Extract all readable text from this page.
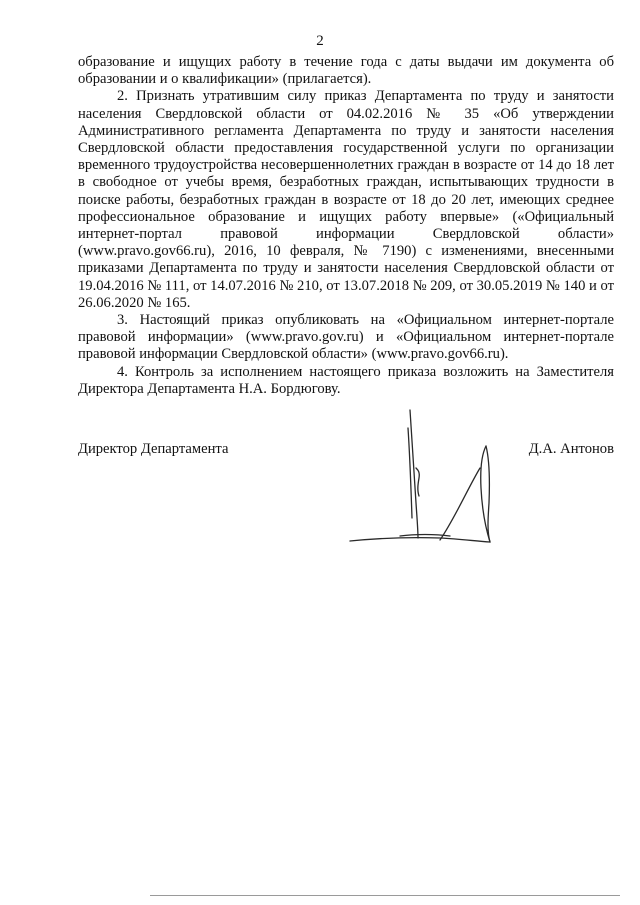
2

образование и ищущих работу в течение года с даты выдачи им документа об образовании и о квалификации» (прилагается).

2. Признать утратившим силу приказ Департамента по труду и занятости населения Свердловской области от 04.02.2016 № 35 «Об утверждении Административного регламента Департамента по труду и занятости населения Свердловской области предоставления государственной услуги по организации временного трудоустройства несовершеннолетних граждан в возрасте от 14 до 18 лет в свободное от учебы время, безработных граждан, испытывающих трудности в поиске работы, безработных граждан в возрасте от 18 до 20 лет, имеющих среднее профессиональное образование и ищущих работу впервые» («Официальный интернет-портал правовой информации Свердловской области» (www.pravo.gov66.ru), 2016, 10 февраля, № 7190) с изменениями, внесенными приказами Департамента по труду и занятости населения Свердловской области от 19.04.2016 № 111, от 14.07.2016 № 210, от 13.07.2018 № 209, от 30.05.2019 № 140 и от 26.06.2020 № 165.

3. Настоящий приказ опубликовать на «Официальном интернет-портале правовой информации» (www.pravo.gov.ru) и «Официальном интернет-портале правовой информации Свердловской области» (www.pravo.gov66.ru).

4. Контроль за исполнением настоящего приказа возложить на Заместителя Директора Департамента Н.А. Бордюгову.

Директор Департамента	Д.А. Антонов
